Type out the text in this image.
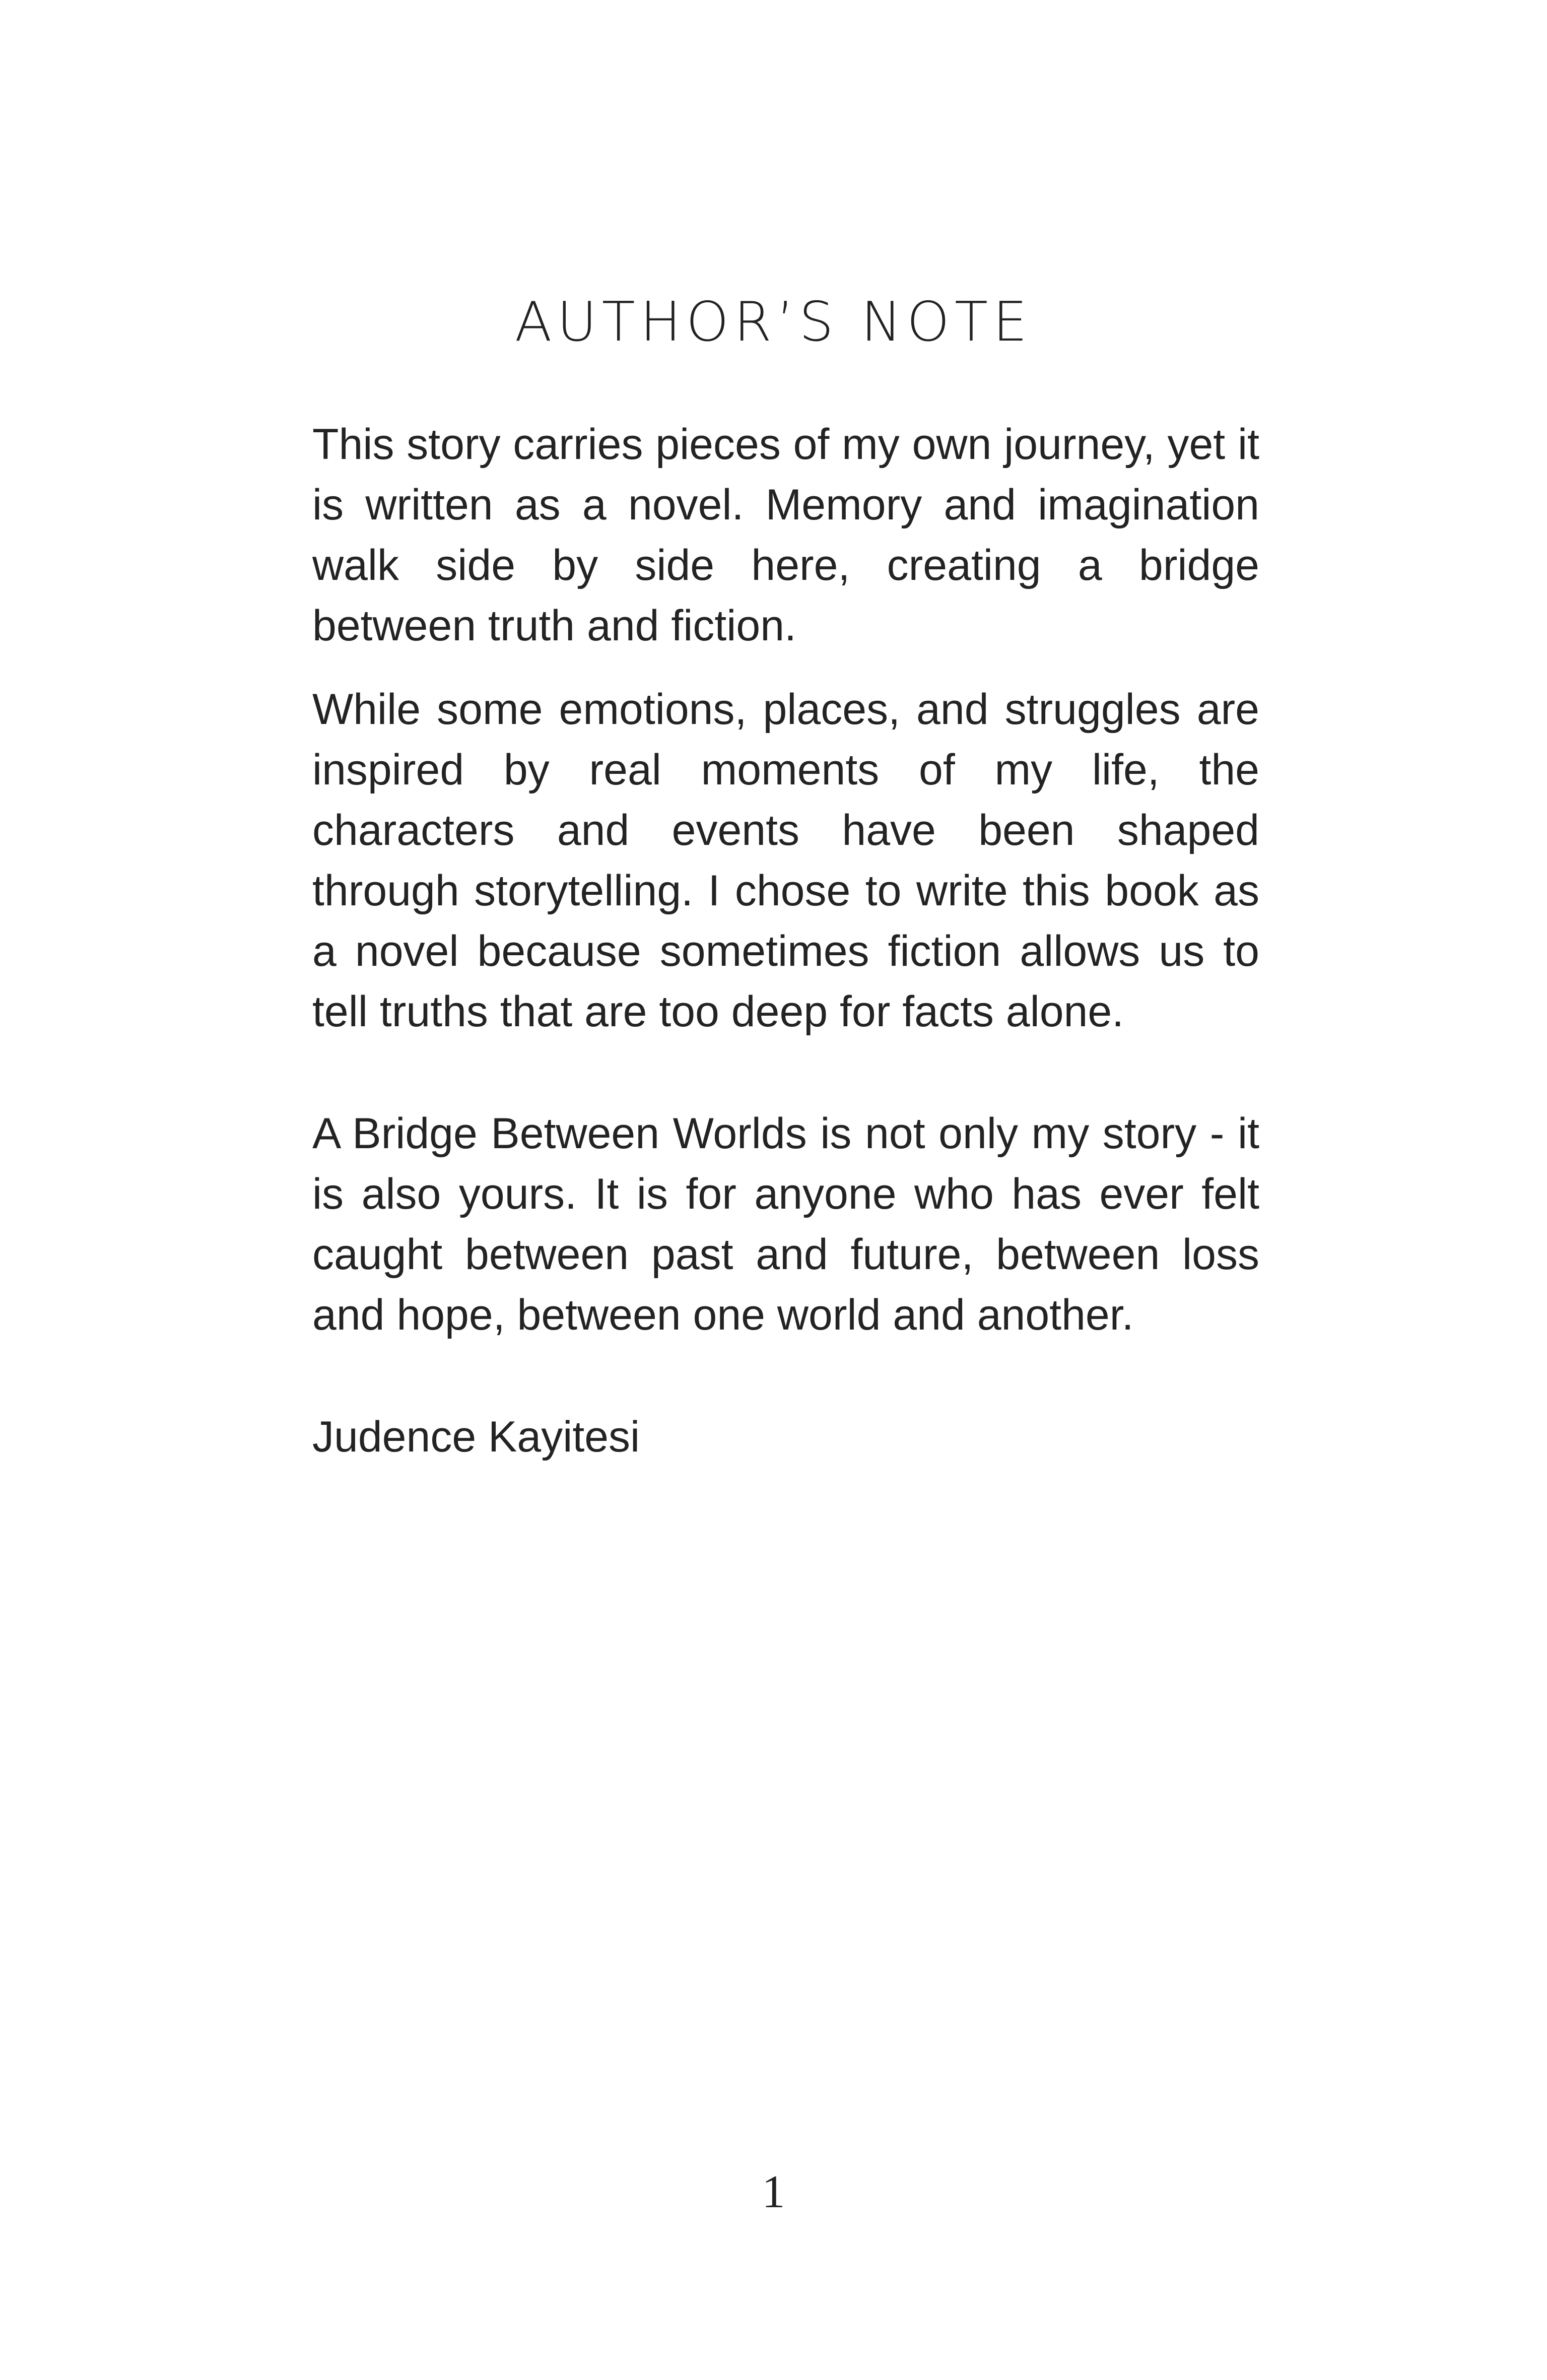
AUTHOR’S NOTE

This story carries pieces of my own journey, yet it is written as a novel. Memory and imagination walk side by side here, creating a bridge between truth and fiction.

While some emotions, places, and struggles are inspired by real moments of my life, the characters and events have been shaped through storytelling. I chose to write this book as a novel because sometimes fiction allows us to tell truths that are too deep for facts alone.

A Bridge Between Worlds is not only my story - it is also yours. It is for anyone who has ever felt caught between past and future, between loss and hope, between one world and another.

Judence Kayitesi

1
